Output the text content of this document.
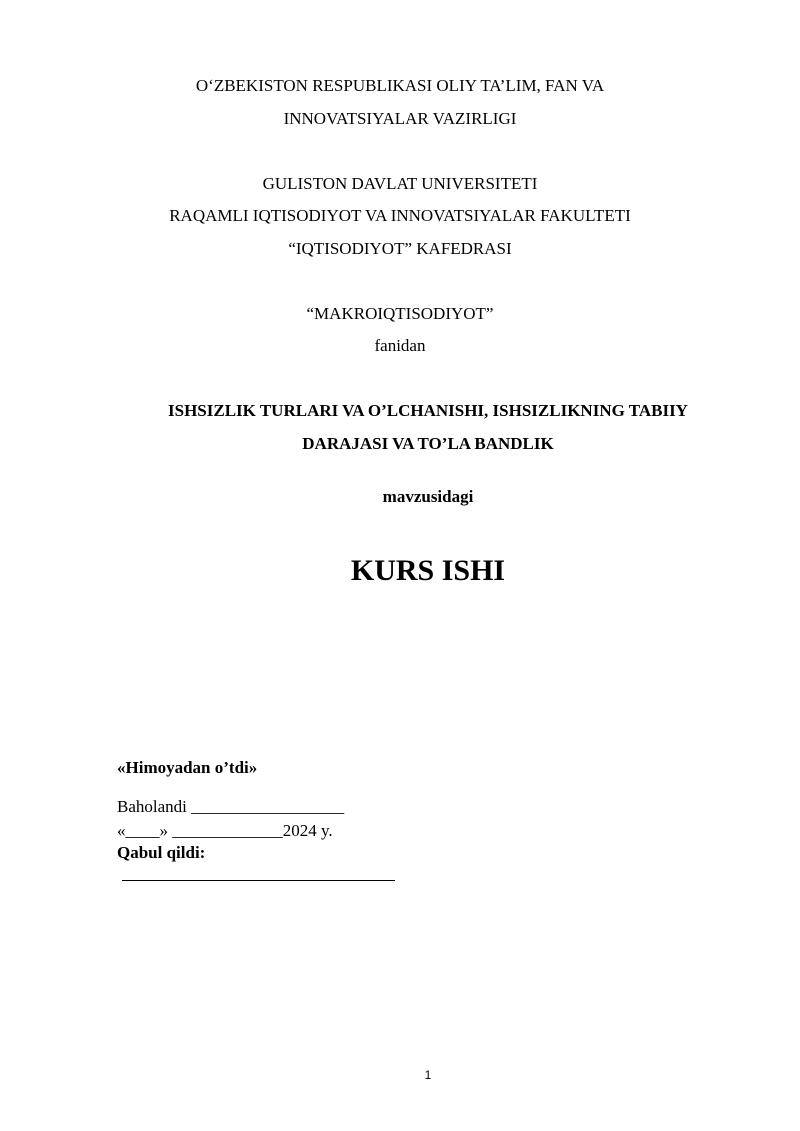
O‘ZBEKISTON RESPUBLIKASI OLIY TA’LIM, FAN VA
INNOVATSIYALAR VAZIRLIGI
GULISTON DAVLAT UNIVERSITETI
RAQAMLI IQTISODIYOT VA INNOVATSIYALAR FAKULTETI
“IQTISODIYOT” KAFEDRASI
“MAKROIQTISODIYOT”
fanidan
ISHSIZLIK TURLARI VA O’LCHANISHI, ISHSIZLIKNING TABIIY
DARAJASI VA TO’LA BANDLIK
mavzusidagi
KURS ISHI
«Himoyadan o’tdi»
Baholandi __________________
«____» _____________2024 y.
Qabul qildi:
1
